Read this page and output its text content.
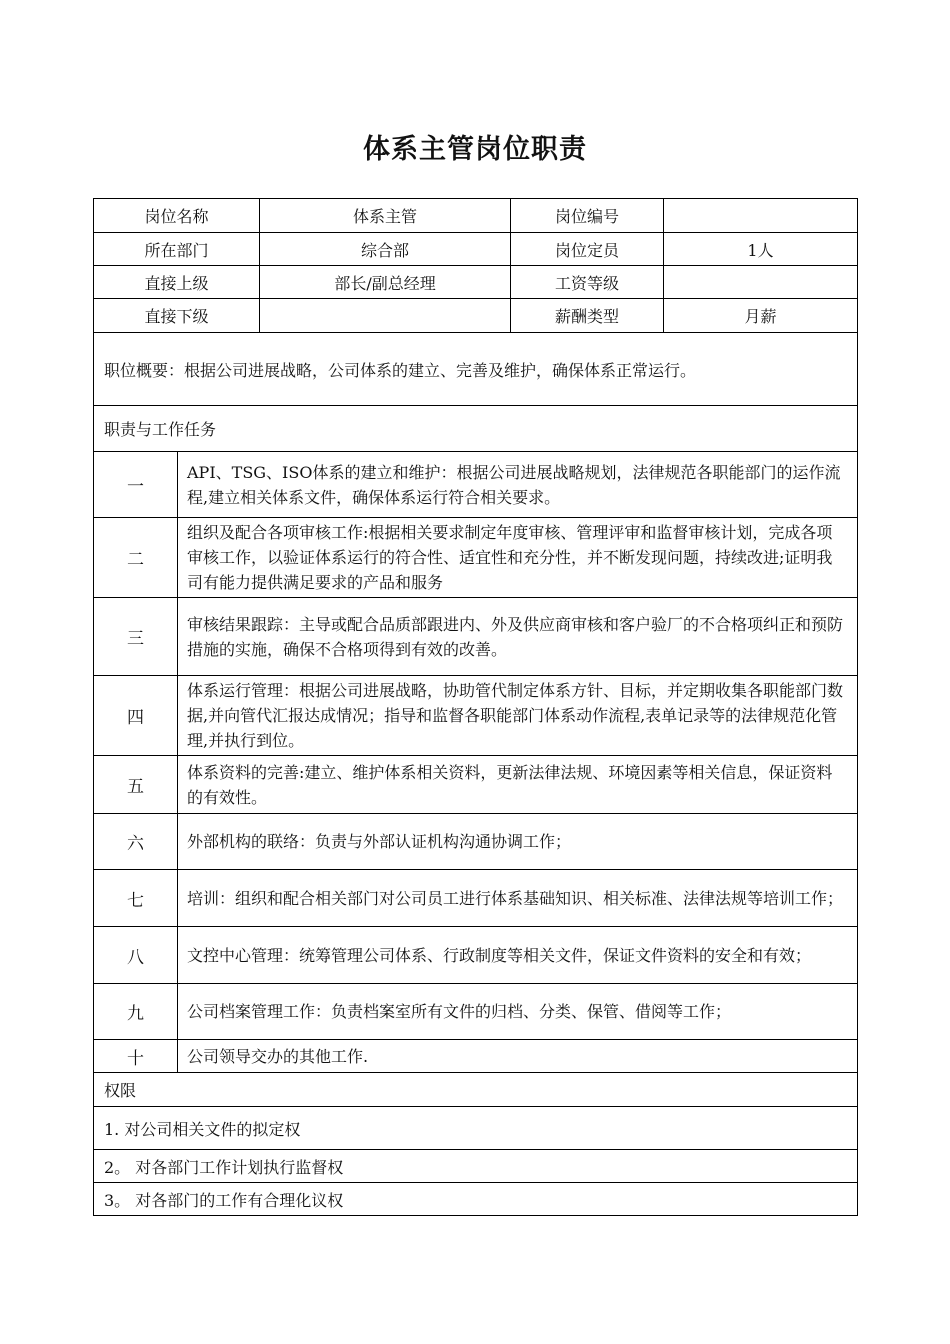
体系主管岗位职责
岗位名称		体系主管	岗位编号	
所在部门		综合部	岗位定员	1人
直接上级		部长/副总经理	工资等级	
直接下级			薪酬类型	月薪
职位概要：根据公司进展战略，公司体系的建立、完善及维护，确保体系正常运行。				
职责与工作任务				
一	API、TSG、ISO体系的建立和维护：根据公司进展战略规划，法律规范各职能部门的运作流程,建立相关体系文件，确保体系运行符合相关要求。			
二	组织及配合各项审核工作:根据相关要求制定年度审核、管理评审和监督审核计划，完成各项审核工作，以验证体系运行的符合性、适宜性和充分性，并不断发现问题，持续改进;证明我司有能力提供满足要求的产品和服务			
三	审核结果跟踪：主导或配合品质部跟进内、外及供应商审核和客户验厂的不合格项纠正和预防措施的实施，确保不合格项得到有效的改善。			
四	体系运行管理：根据公司进展战略，协助管代制定体系方针、目标，并定期收集各职能部门数据,并向管代汇报达成情况；指导和监督各职能部门体系动作流程,表单记录等的法律规范化管理,并执行到位。			
五	体系资料的完善:建立、维护体系相关资料，更新法律法规、环境因素等相关信息，保证资料的有效性。			
六	外部机构的联络：负责与外部认证机构沟通协调工作；			
七	培训：组织和配合相关部门对公司员工进行体系基础知识、相关标准、法律法规等培训工作；			
八	文控中心管理：统筹管理公司体系、行政制度等相关文件，保证文件资料的安全和有效；			
九	公司档案管理工作：负责档案室所有文件的归档、分类、保管、借阅等工作；			
十	公司领导交办的其他工作.			
权限				
1. 对公司相关文件的拟定权				
2。 对各部门工作计划执行监督权				
3。 对各部门的工作有合理化议权				
